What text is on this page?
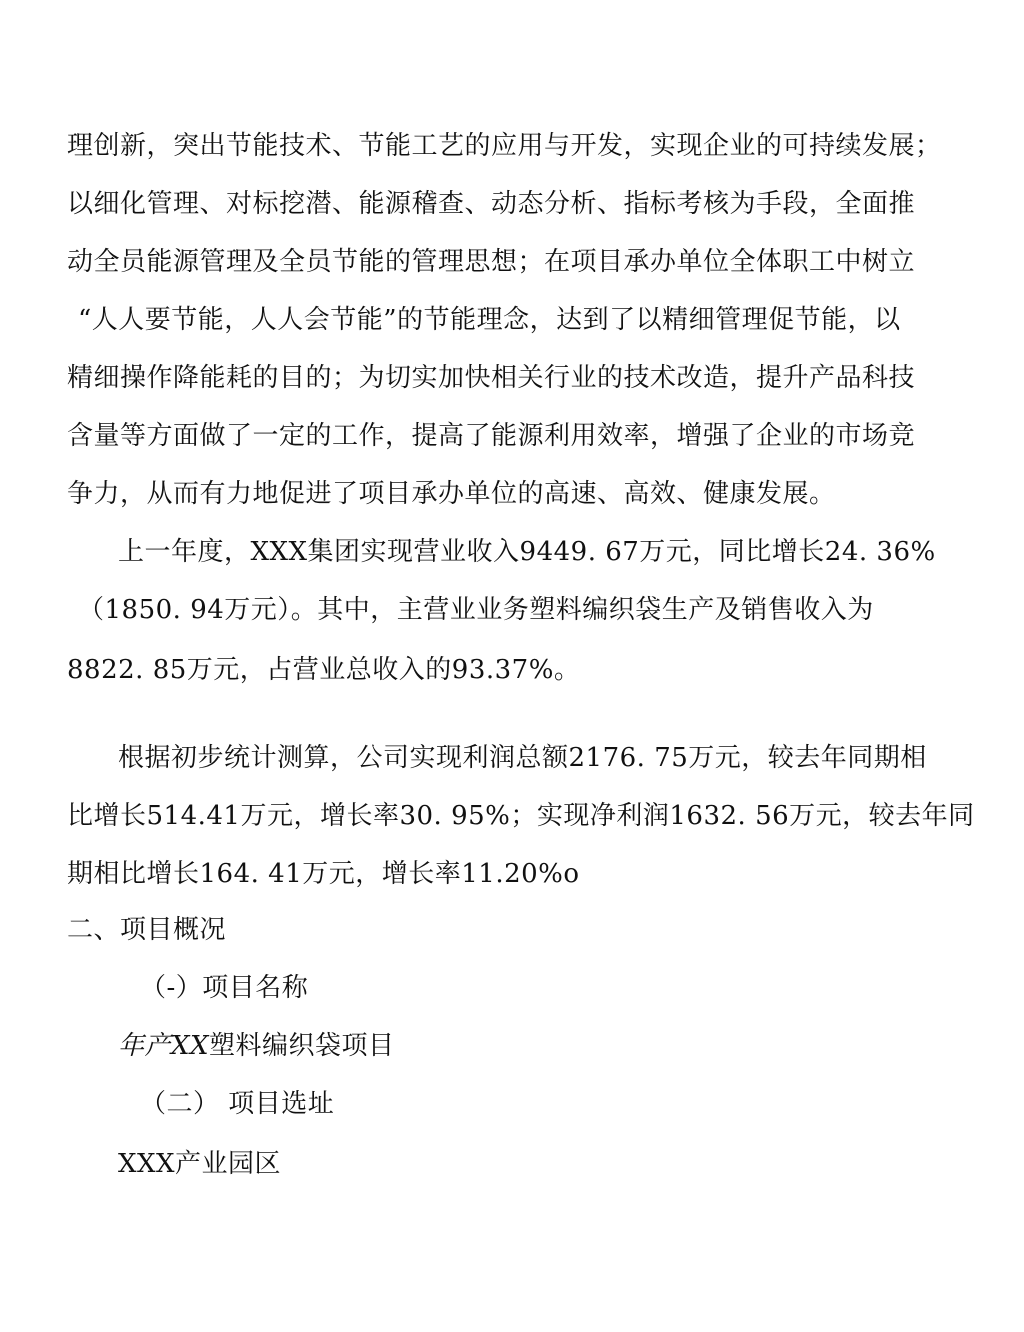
理创新，突出节能技术、节能工艺的应用与开发，实现企业的可持续发展；
以细化管理、对标挖潜、能源稽查、动态分析、指标考核为手段，全面推
动全员能源管理及全员节能的管理思想；在项目承办单位全体职工中树立
“人人要节能，人人会节能”的节能理念，达到了以精细管理促节能，以
精细操作降能耗的目的；为切实加快相关行业的技术改造，提升产品科技
含量等方面做了一定的工作，提高了能源利用效率，增强了企业的市场竞
争力，从而有力地促进了项目承办单位的高速、高效、健康发展。
上一年度，XXX集团实现营业收入9449. 67万元，同比增长24. 36%
（1850. 94万元）。其中，主营业业务塑料编织袋生产及销售收入为
8822. 85万元，占营业总收入的93.37%。
根据初步统计测算，公司实现利润总额2176. 75万元，较去年同期相
比增长514.41万元，增长率30. 95%；实现净利润1632. 56万元，较去年同
期相比增长164. 41万元，增长率11.20%o
二、项目概况
（-）项目名称
年产XX塑料编织袋项目
（二） 项目选址
XXX产业园区
